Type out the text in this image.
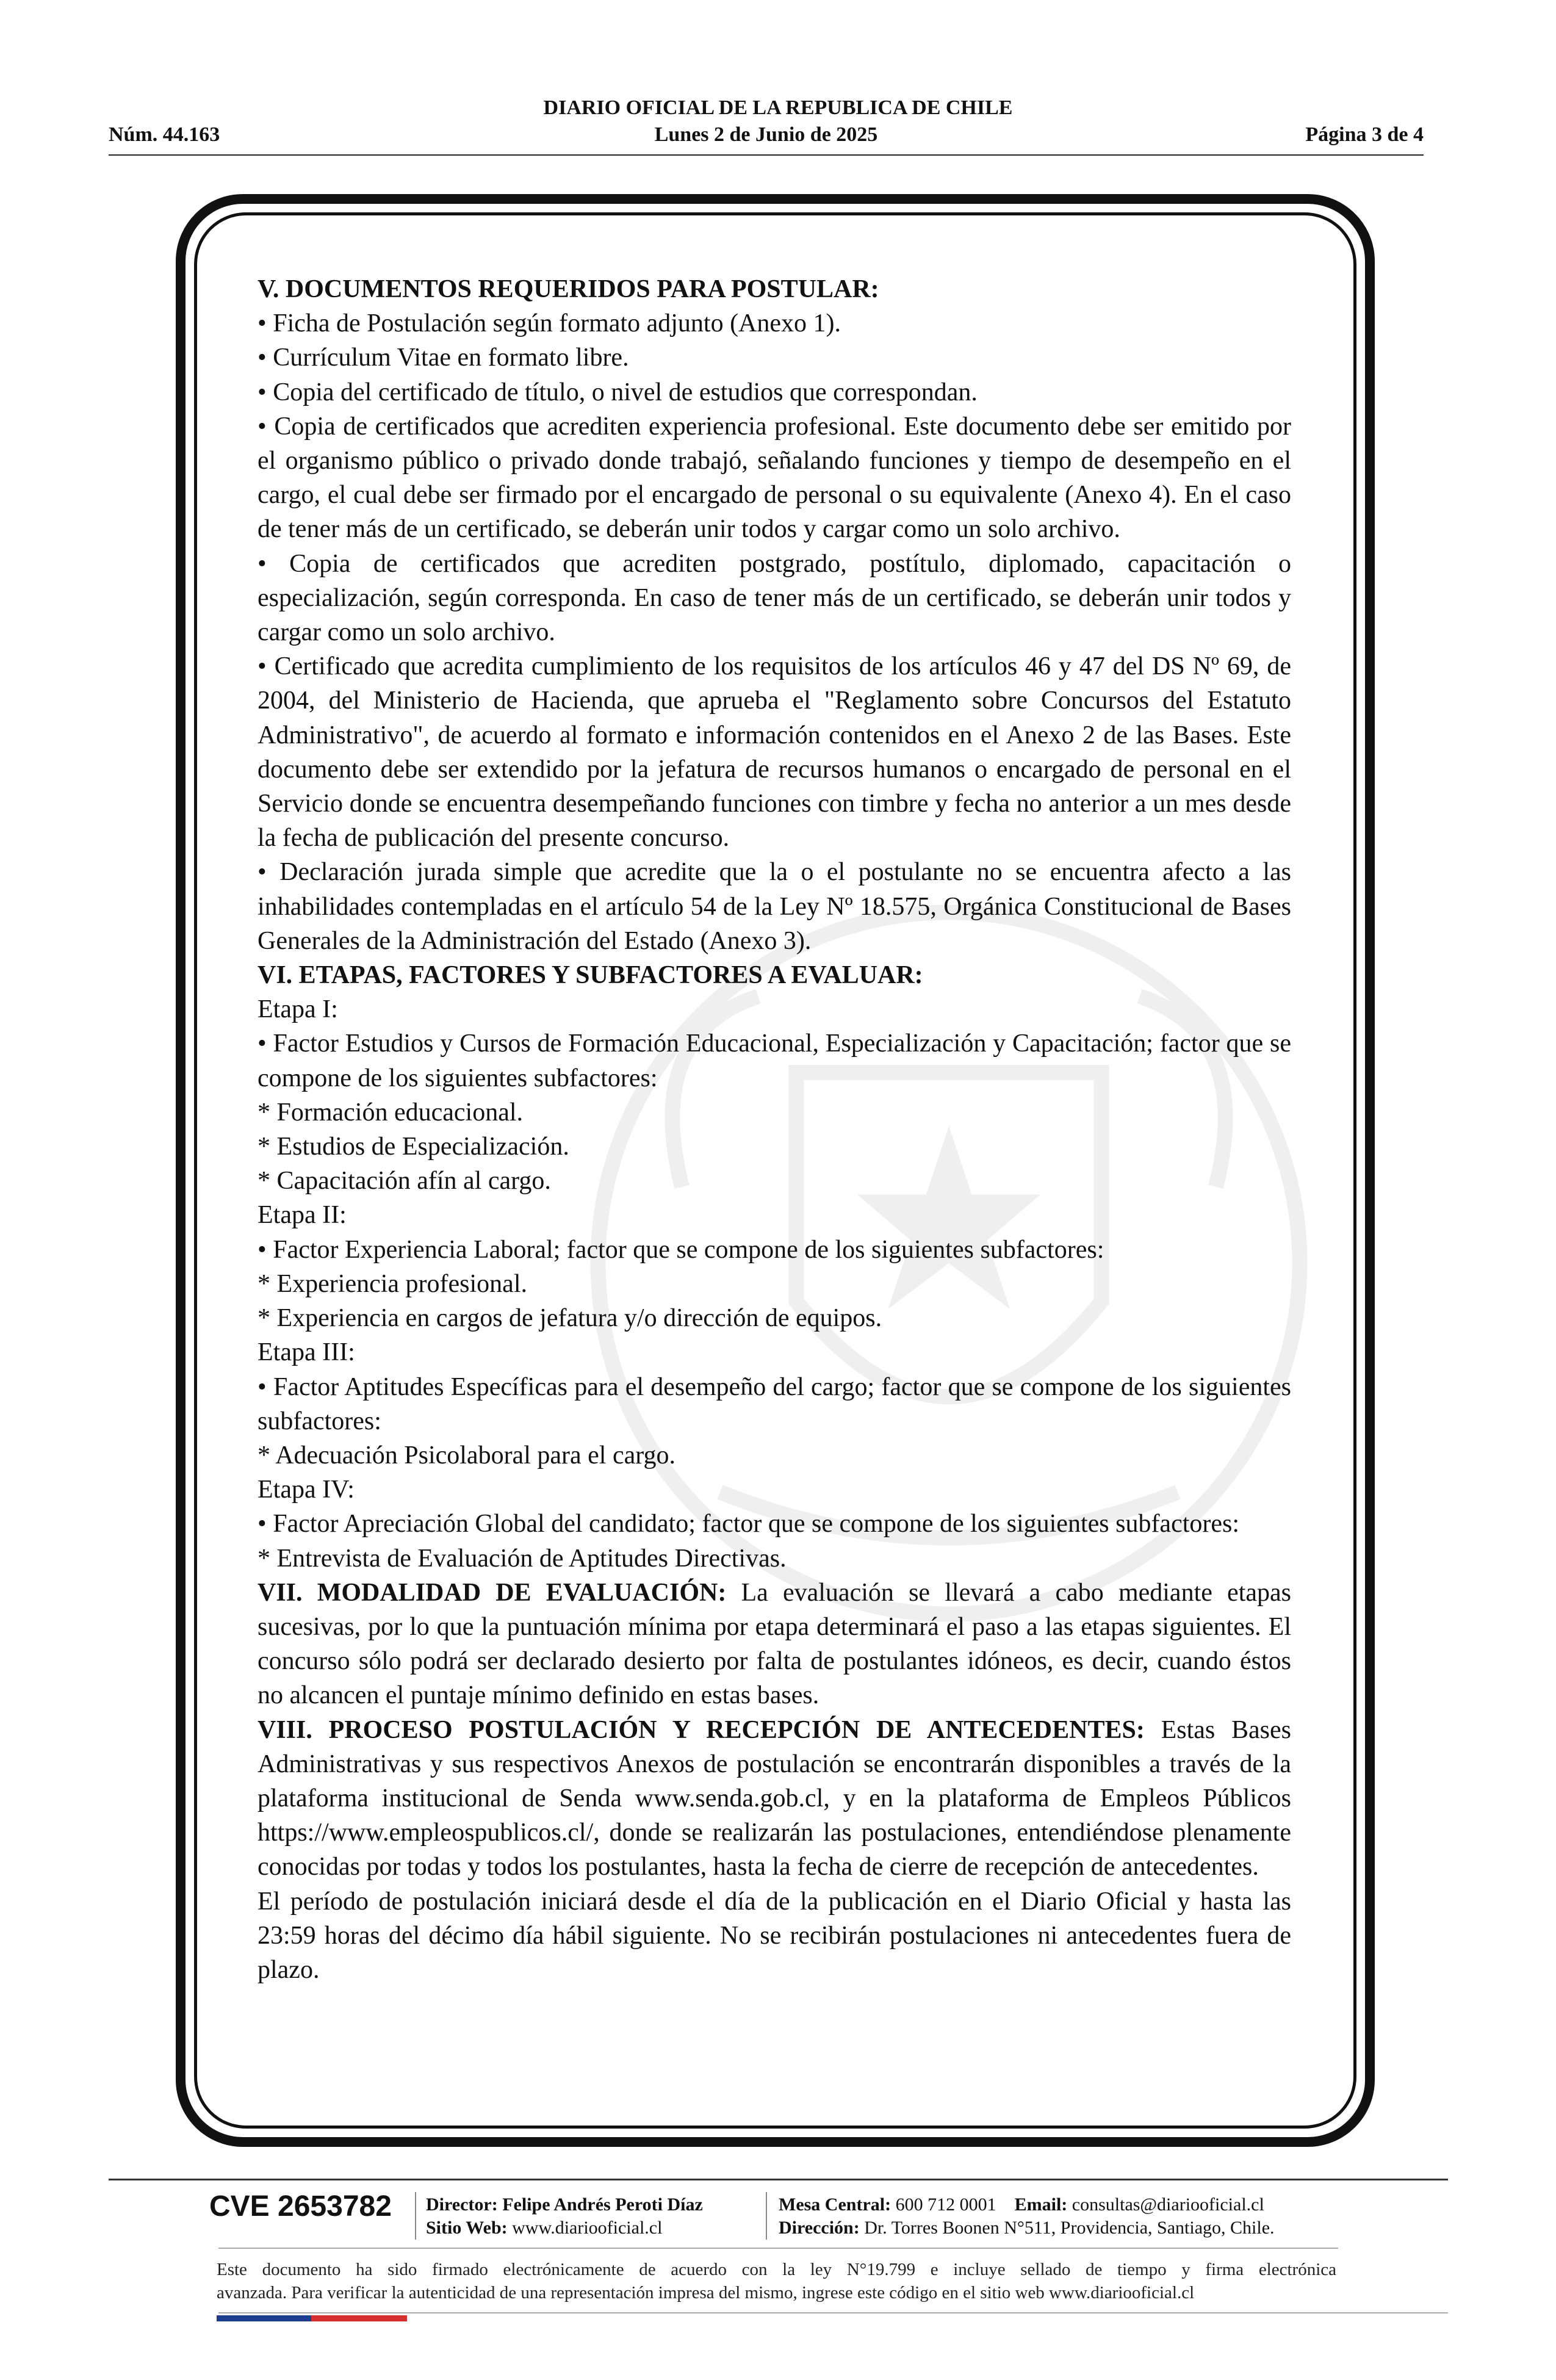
DIARIO OFICIAL DE LA REPUBLICA DE CHILE
Núm. 44.163	Lunes 2 de Junio de 2025	Página 3 de 4

V. DOCUMENTOS REQUERIDOS PARA POSTULAR:

• Ficha de Postulación según formato adjunto (Anexo 1).

• Currículum Vitae en formato libre.

• Copia del certificado de título, o nivel de estudios que correspondan.

• Copia de certificados que acrediten experiencia profesional. Este documento debe ser emitido por el organismo público o privado donde trabajó, señalando funciones y tiempo de desempeño en el cargo, el cual debe ser firmado por el encargado de personal o su equivalente (Anexo 4). En el caso de tener más de un certificado, se deberán unir todos y cargar como un solo archivo.

• Copia de certificados que acrediten postgrado, postítulo, diplomado, capacitación o especialización, según corresponda. En caso de tener más de un certificado, se deberán unir todos y cargar como un solo archivo.

• Certificado que acredita cumplimiento de los requisitos de los artículos 46 y 47 del DS Nº 69, de 2004, del Ministerio de Hacienda, que aprueba el "Reglamento sobre Concursos del Estatuto Administrativo", de acuerdo al formato e información contenidos en el Anexo 2 de las Bases. Este documento debe ser extendido por la jefatura de recursos humanos o encargado de personal en el Servicio donde se encuentra desempeñando funciones con timbre y fecha no anterior a un mes desde la fecha de publicación del presente concurso.

• Declaración jurada simple que acredite que la o el postulante no se encuentra afecto a las inhabilidades contempladas en el artículo 54 de la Ley Nº 18.575, Orgánica Constitucional de Bases Generales de la Administración del Estado (Anexo 3).

VI. ETAPAS, FACTORES Y SUBFACTORES A EVALUAR:

Etapa I:

• Factor Estudios y Cursos de Formación Educacional, Especialización y Capacitación; factor que se compone de los siguientes subfactores:

* Formación educacional.

* Estudios de Especialización.

* Capacitación afín al cargo.

Etapa II:

• Factor Experiencia Laboral; factor que se compone de los siguientes subfactores:

* Experiencia profesional.

* Experiencia en cargos de jefatura y/o dirección de equipos.

Etapa III:

• Factor Aptitudes Específicas para el desempeño del cargo; factor que se compone de los siguientes subfactores:

* Adecuación Psicolaboral para el cargo.

Etapa IV:

• Factor Apreciación Global del candidato; factor que se compone de los siguientes subfactores:

* Entrevista de Evaluación de Aptitudes Directivas.

VII. MODALIDAD DE EVALUACIÓN: La evaluación se llevará a cabo mediante etapas sucesivas, por lo que la puntuación mínima por etapa determinará el paso a las etapas siguientes. El concurso sólo podrá ser declarado desierto por falta de postulantes idóneos, es decir, cuando éstos no alcancen el puntaje mínimo definido en estas bases.

VIII. PROCESO POSTULACIÓN Y RECEPCIÓN DE ANTECEDENTES: Estas Bases Administrativas y sus respectivos Anexos de postulación se encontrarán disponibles a través de la plataforma institucional de Senda www.senda.gob.cl, y en la plataforma de Empleos Públicos https://www.empleospublicos.cl/, donde se realizarán las postulaciones, entendiéndose plenamente conocidas por todas y todos los postulantes, hasta la fecha de cierre de recepción de antecedentes.

El período de postulación iniciará desde el día de la publicación en el Diario Oficial y hasta las 23:59 horas del décimo día hábil siguiente. No se recibirán postulaciones ni antecedentes fuera de plazo.

CVE 2653782 Director: Felipe Andrés Peroti Díaz
Sitio Web: www.diariooficial.cl
Mesa Central: 600 712 0001 Email: consultas@diariooficial.cl
Dirección: Dr. Torres Boonen N°511, Providencia, Santiago, Chile.
Este documento ha sido firmado electrónicamente de acuerdo con la ley N°19.799 e incluye sellado de tiempo y firma electrónica
avanzada. Para verificar la autenticidad de una representación impresa del mismo, ingrese este código en el sitio web www.diariooficial.cl
